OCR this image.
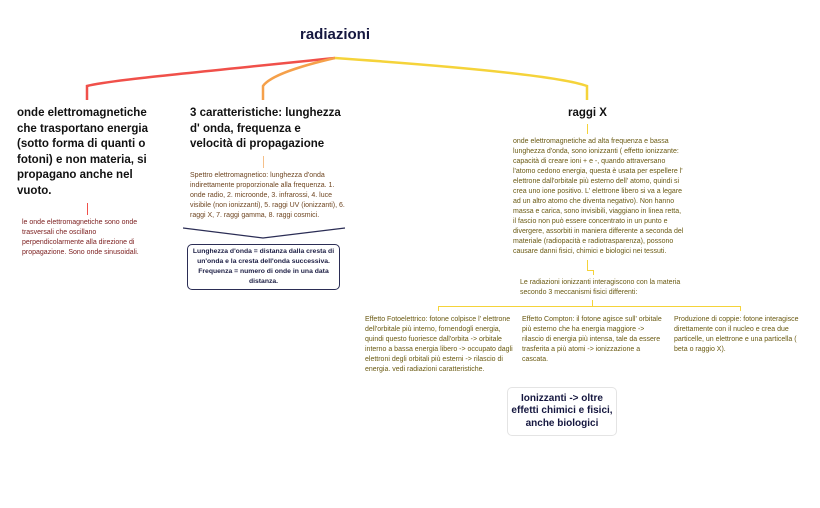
radiazioni
onde elettromagnetiche che trasportano energia (sotto forma di quanti o fotoni) e non materia, si propagano anche nel vuoto.
le onde elettromagnetiche sono onde trasversali che oscillano perpendicolarmente alla direzione di propagazione. Sono onde sinusoidali.
3 caratteristiche: lunghezza d' onda, frequenza e velocità di propagazione
Spettro elettromagnetico: lunghezza d'onda indirettamente proporzionale alla frequenza. 1. onde radio, 2. microonde, 3. infrarossi, 4. luce visibile (non ionizzanti), 5. raggi UV (ionizzanti), 6. raggi X, 7. raggi gamma, 8. raggi cosmici.
Lunghezza d'onda = distanza dalla cresta di un'onda e la cresta dell'onda successiva. Frequenza = numero di onde in una data distanza.
raggi X
onde elettromagnetiche ad alta frequenza e bassa lunghezza d'onda, sono ionizzanti ( effetto ionizzante: capacità di creare ioni + e -, quando attraversano l'atomo cedono energia, questa è usata per espellere l' elettrone dall'orbitale più esterno dell' atomo, quindi si crea uno ione positivo. L' elettrone libero si va a legare ad un altro atomo che diventa negativo). Non hanno massa e carica, sono invisibili, viaggiano in linea retta, il fascio non può essere concentrato in un punto e divergere, assorbiti in maniera differente a seconda del materiale (radiopacità e radiotrasparenza), possono causare danni fisici, chimici e biologici nei tessuti.
Le radiazioni ionizzanti interagiscono con la materia secondo 3 meccanismi fisici differenti:
Effetto Fotoelettrico: fotone colpisce l' elettrone dell'orbitale più interno, fornendogli energia, quindi questo fuoriesce dall'orbita -> orbitale interno a bassa energia libero -> occupato dagli elettroni degli orbitali più esterni -> rilascio di energia. vedi radiazioni caratteristiche.
Effetto Compton: il fotone agisce sull' orbitale più esterno che ha energia maggiore -> rilascio di energia più intensa, tale da essere trasferita a più atomi -> ionizzazione a cascata.
Produzione di coppie: fotone interagisce direttamente con il nucleo e crea due particelle, un elettrone e una particella ( beta o raggio X).
Ionizzanti -> oltre effetti chimici e fisici, anche biologici
